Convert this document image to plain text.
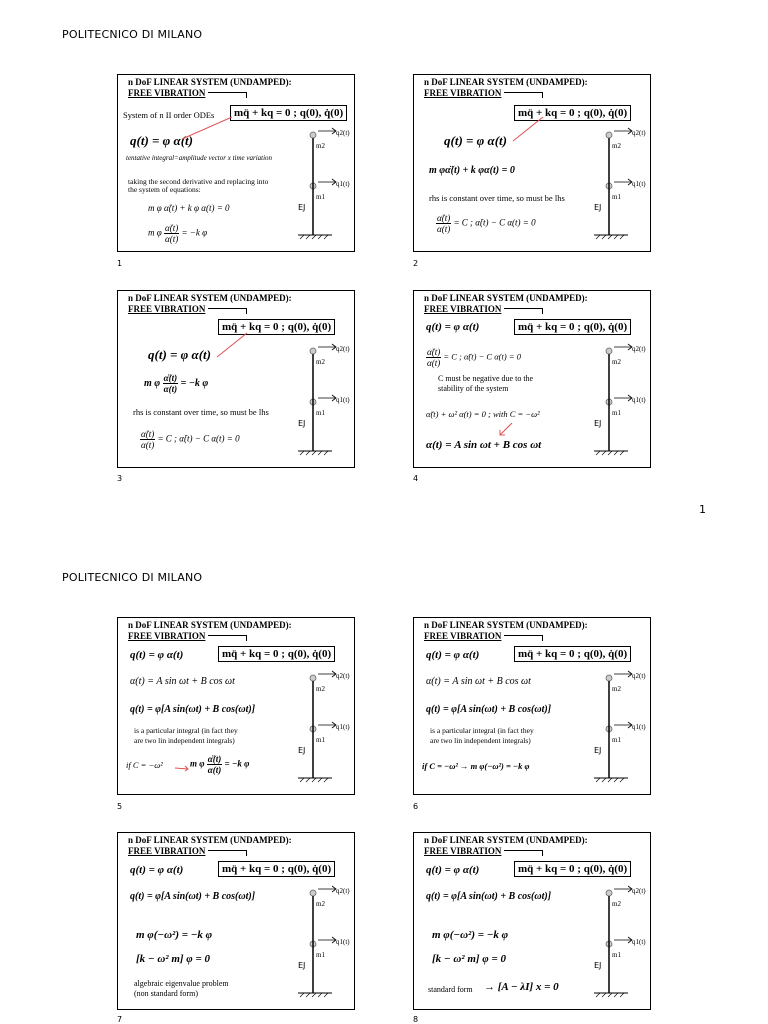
POLITECNICO DI MILANO
POLITECNICO DI MILANO
1
n DoF LINEAR SYSTEM (UNDAMPED):
FREE VIBRATION
mq̈ + kq = 0 ; q(0), q̇(0)
System of n II order ODEs
q(t) = φ α(t)
tentative integral=amplitude vector x time variation
taking the second derivative and replacing into
the system of equations:
m φ α̈(t) + k φ α(t) = 0
m φ $\frac{\alphä(t)}{\alpha(t)} = -k$ φ
m2
m1
q2(t)
q1(t)
EJ
1
n DoF LINEAR SYSTEM (UNDAMPED):
FREE VIBRATION
mq̈ + kq = 0 ; q(0), q̇(0)
q(t) = φ α(t)
m φα̈(t) + k φα(t) = 0
rhs is constant over time, so must be lhs
$\frac{\alphä(t)}{\alpha(t)} = C$ ; α̈(t) − C α(t) = 0
m2
m1
q2(t)
q1(t)
EJ
2
n DoF LINEAR SYSTEM (UNDAMPED):
FREE VIBRATION
mq̈ + kq = 0 ; q(0), q̇(0)
q(t) = φ α(t)
m φ $\frac{\alphä(t)}{\alpha(t)} = -k$ φ
rhs is constant over time, so must be lhs
$\frac{\alphä(t)}{\alpha(t)} = C$ ; α̈(t) − C α(t) = 0
m2
m1
q2(t)
q1(t)
EJ
3
n DoF LINEAR SYSTEM (UNDAMPED):
FREE VIBRATION
mq̈ + kq = 0 ; q(0), q̇(0)
q(t) = φ α(t)
$\frac{\alphä(t)}{\alpha(t)} = C$ ; α̈(t) − C α(t) = 0
C must be negative due to the
stability of the system
α̈(t) + ω² α(t) = 0 ; with C = −ω²
α(t) = A sin ωt + B cos ωt
m2
m1
q2(t)
q1(t)
EJ
4
n DoF LINEAR SYSTEM (UNDAMPED):
FREE VIBRATION
mq̈ + kq = 0 ; q(0), q̇(0)
q(t) = φ α(t)
α(t) = A sin ωt + B cos ωt
q(t) = φ[A sin(ωt) + B cos(ωt)]
is a particular integral (in fact they
are two lin independent integrals)
if C = −ω²	m φ $\frac{\alphä(t)}{\alpha(t)} = -k$ φ
m2
m1
q2(t)
q1(t)
EJ
5
n DoF LINEAR SYSTEM (UNDAMPED):
FREE VIBRATION
mq̈ + kq = 0 ; q(0), q̇(0)
q(t) = φ α(t)
α(t) = A sin ωt + B cos ωt
q(t) = φ[A sin(ωt) + B cos(ωt)]
is a particular integral (in fact they
are two lin independent integrals)
if C = −ω² → m φ(−ω²) = −k φ
m2
m1
q2(t)
q1(t)
EJ
6
n DoF LINEAR SYSTEM (UNDAMPED):
FREE VIBRATION
mq̈ + kq = 0 ; q(0), q̇(0)
q(t) = φ α(t)
q(t) = φ[A sin(ωt) + B cos(ωt)]
m φ(−ω²) = −k φ
[k − ω² m] φ = 0
algebraic eigenvalue problem
(non standard form)
m2
m1
q2(t)
q1(t)
EJ
7
n DoF LINEAR SYSTEM (UNDAMPED):
FREE VIBRATION
mq̈ + kq = 0 ; q(0), q̇(0)
q(t) = φ α(t)
q(t) = φ[A sin(ωt) + B cos(ωt)]
m φ(−ω²) = −k φ
[k − ω² m] φ = 0
standard form → [A − λI] x = 0
m2
m1
q2(t)
q1(t)
EJ
8
